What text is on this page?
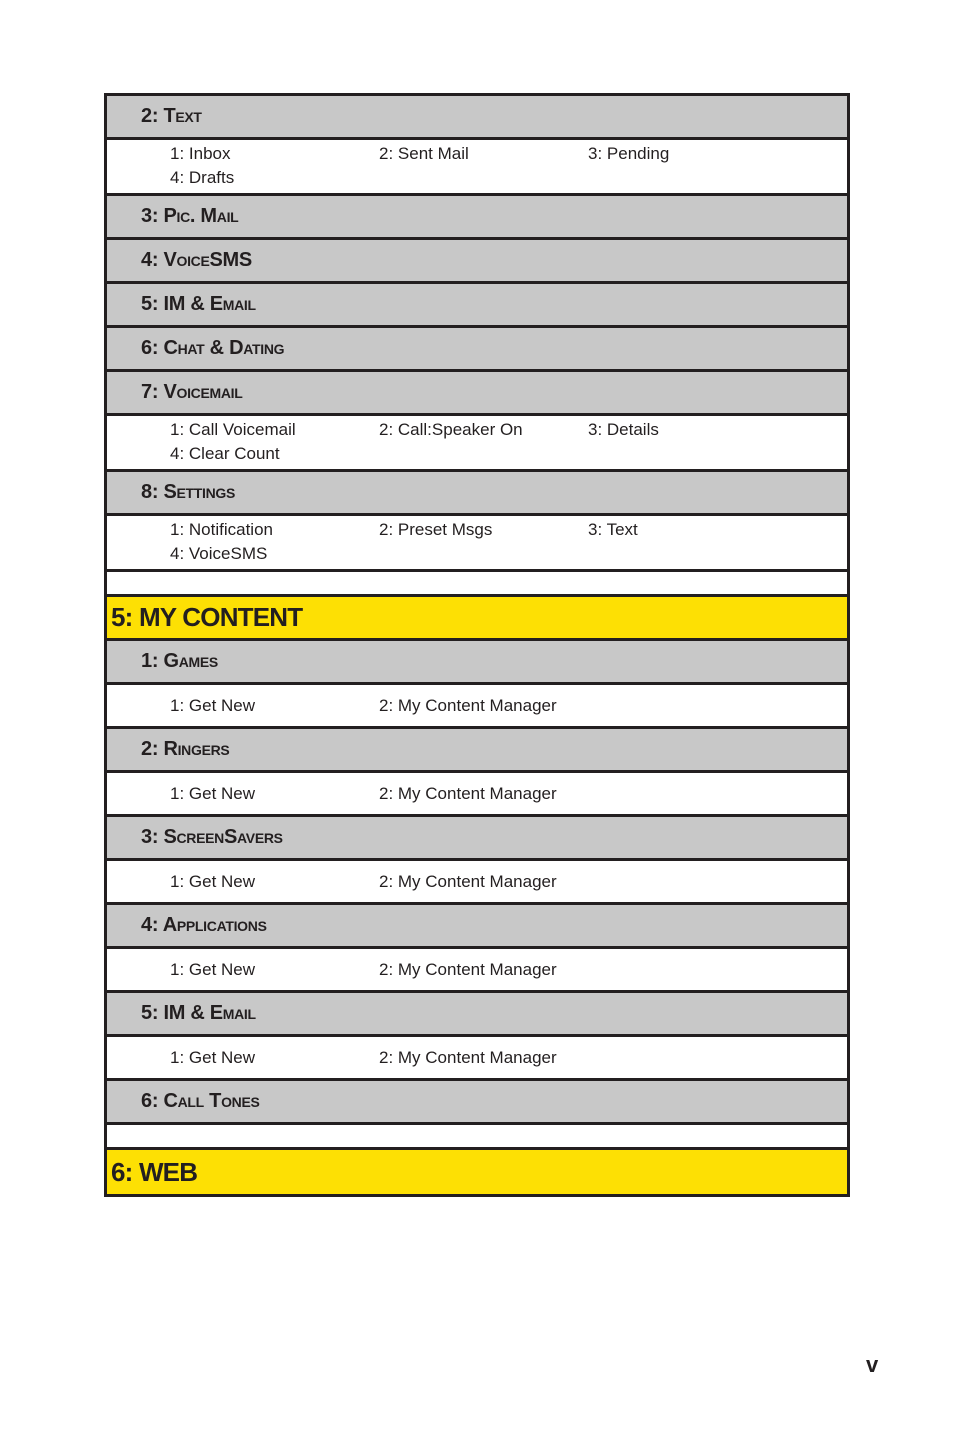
2: Text
1: Inbox	2: Sent Mail	3: Pending
4: Drafts
3: Pic. Mail
4: VoiceSMS
5: IM & Email
6: Chat & Dating
7: Voicemail
1: Call Voicemail	2: Call:Speaker On	3: Details
4: Clear Count
8: Settings
1: Notification	2: Preset Msgs	3: Text
4: VoiceSMS
5: MY CONTENT
1: Games
1: Get New	2: My Content Manager
2: Ringers
1: Get New	2: My Content Manager
3: ScreenSavers
1: Get New	2: My Content Manager
4: Applications
1: Get New	2: My Content Manager
5: IM & Email
1: Get New	2: My Content Manager
6: Call Tones
6: WEB
v
